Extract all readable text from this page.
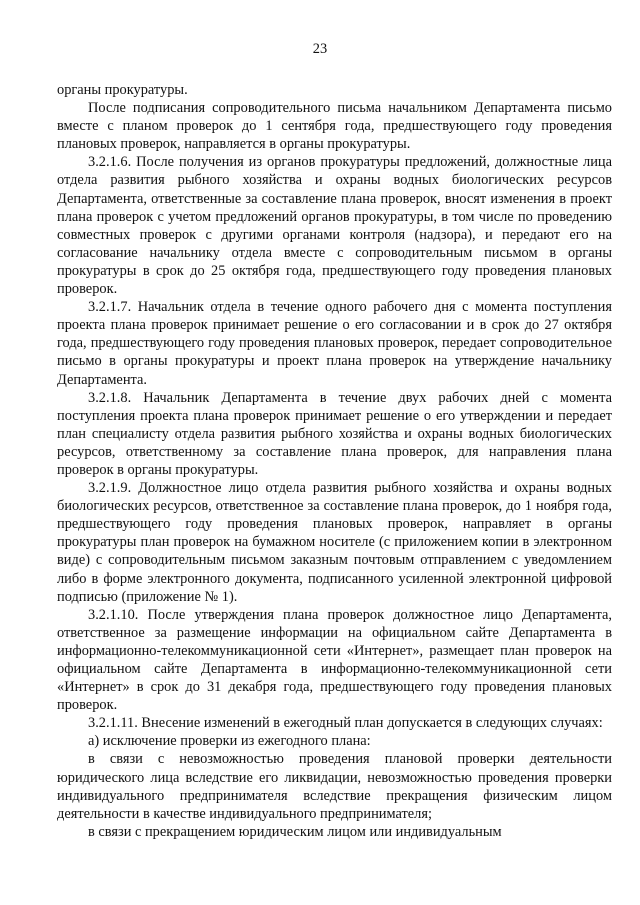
23

органы прокуратуры.

После подписания сопроводительного письма начальником Департамента письмо вместе с планом проверок до 1 сентября года, предшествующего году проведения плановых проверок, направляется в органы прокуратуры.

3.2.1.6. После получения из органов прокуратуры предложений, должностные лица отдела развития рыбного хозяйства и охраны водных биологических ресурсов Департамента, ответственные за составление плана проверок, вносят изменения в проект плана проверок с учетом предложений органов прокуратуры, в том числе по проведению совместных проверок с другими органами контроля (надзора), и передают его на согласование начальнику отдела вместе с сопроводительным письмом в органы прокуратуры в срок до 25 октября года, предшествующего году проведения плановых проверок.

3.2.1.7. Начальник отдела в течение одного рабочего дня с момента поступления проекта плана проверок принимает решение о его согласовании и в срок до 27 октября года, предшествующего году проведения плановых проверок, передает сопроводительное письмо в органы прокуратуры и проект плана проверок на утверждение начальнику Департамента.

3.2.1.8. Начальник Департамента в течение двух рабочих дней с момента поступления проекта плана проверок принимает решение о его утверждении и передает план специалисту отдела развития рыбного хозяйства и охраны водных биологических ресурсов, ответственному за составление плана проверок, для направления плана проверок в органы прокуратуры.

3.2.1.9. Должностное лицо отдела развития рыбного хозяйства и охраны водных биологических ресурсов, ответственное за составление плана проверок, до 1 ноября года, предшествующего году проведения плановых проверок, направляет в органы прокуратуры план проверок на бумажном носителе (с приложением копии в электронном виде) с сопроводительным письмом заказным почтовым отправлением с уведомлением либо в форме электронного документа, подписанного усиленной электронной цифровой подписью (приложение № 1).

3.2.1.10. После утверждения плана проверок должностное лицо Департамента, ответственное за размещение информации на официальном сайте Департамента в информационно-телекоммуникационной сети «Интернет», размещает план проверок на официальном сайте Департамента в информационно-телекоммуникационной сети «Интернет» в срок до 31 декабря года, предшествующего году проведения плановых проверок.

3.2.1.11. Внесение изменений в ежегодный план допускается в следующих случаях:

а) исключение проверки из ежегодного плана:

в связи с невозможностью проведения плановой проверки деятельности юридического лица вследствие его ликвидации, невозможностью проведения проверки индивидуального предпринимателя вследствие прекращения физическим лицом деятельности в качестве индивидуального предпринимателя;

в связи с прекращением юридическим лицом или индивидуальным
